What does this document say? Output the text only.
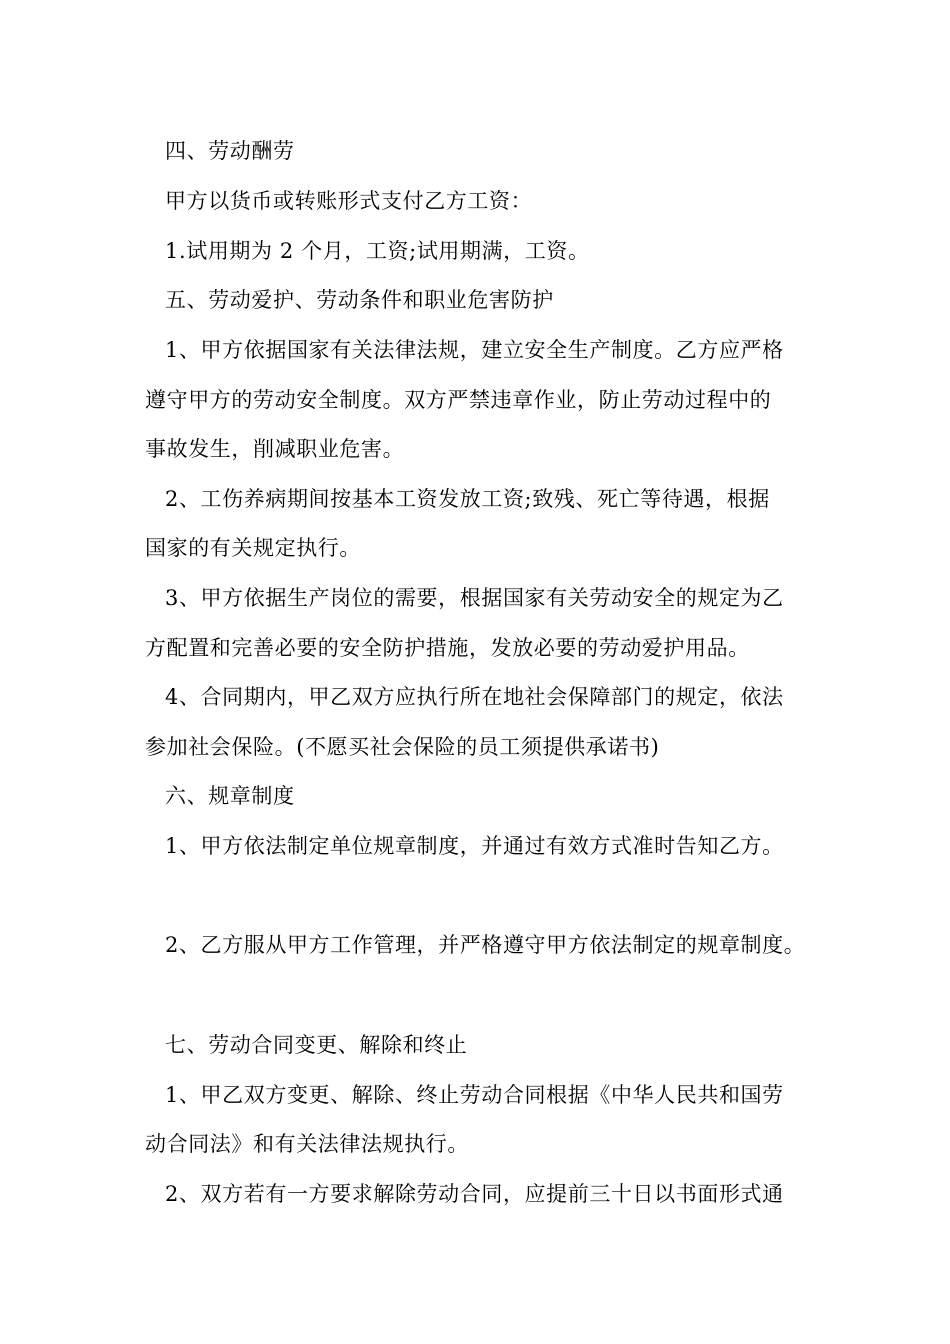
四、劳动酬劳
甲方以货币或转账形式支付乙方工资：
1.试用期为 2 个月，工资;试用期满，工资。
五、劳动爱护、劳动条件和职业危害防护
1、甲方依据国家有关法律法规，建立安全生产制度。乙方应严格
遵守甲方的劳动安全制度。双方严禁违章作业，防止劳动过程中的
事故发生，削减职业危害。
2、工伤养病期间按基本工资发放工资;致残、死亡等待遇，根据
国家的有关规定执行。
3、甲方依据生产岗位的需要，根据国家有关劳动安全的规定为乙
方配置和完善必要的安全防护措施，发放必要的劳动爱护用品。
4、合同期内，甲乙双方应执行所在地社会保障部门的规定，依法
参加社会保险。(不愿买社会保险的员工须提供承诺书)
六、规章制度
1、甲方依法制定单位规章制度，并通过有效方式准时告知乙方。
2、乙方服从甲方工作管理，并严格遵守甲方依法制定的规章制度。
七、劳动合同变更、解除和终止
1、甲乙双方变更、解除、终止劳动合同根据《中华人民共和国劳
动合同法》和有关法律法规执行。
2、双方若有一方要求解除劳动合同，应提前三十日以书面形式通
